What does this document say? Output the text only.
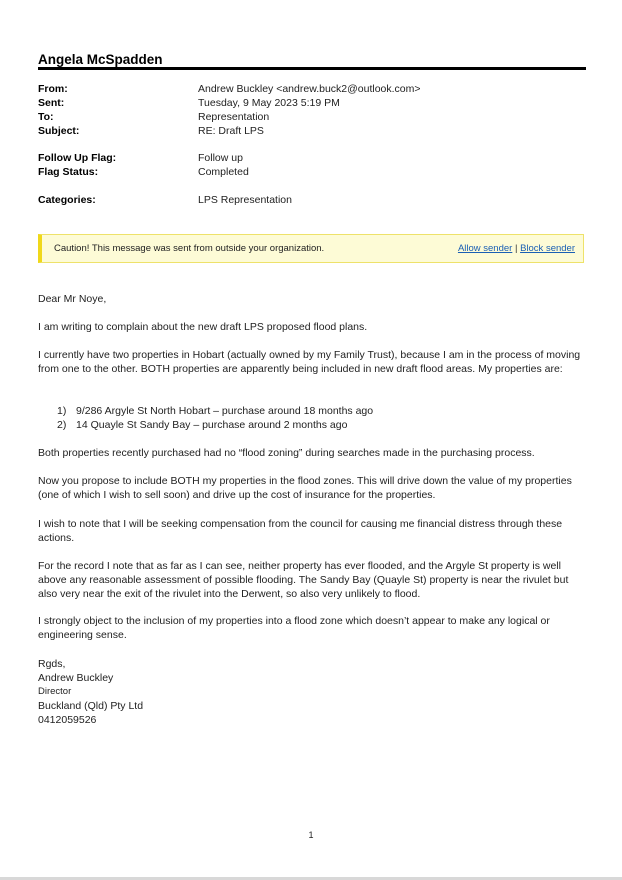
Angela McSpadden
From:	Andrew Buckley <andrew.buck2@outlook.com>
Sent:	Tuesday, 9 May 2023 5:19 PM
To:	Representation
Subject:	RE: Draft LPS
Follow Up Flag:	Follow up
Flag Status:	Completed
Categories:	LPS Representation
Caution! This message was sent from outside your organization.	Allow sender | Block sender
Dear Mr Noye,
I am writing to complain about the new draft LPS proposed flood plans.
I currently have two properties in Hobart (actually owned by my Family Trust), because I am in the process of moving from one to the other. BOTH properties are apparently being included in new draft flood areas. My properties are:
1) 9/286 Argyle St North Hobart – purchase around 18 months ago
2) 14 Quayle St Sandy Bay – purchase around 2 months ago
Both properties recently purchased had no “flood zoning” during searches made in the purchasing process.
Now you propose to include BOTH my properties in the flood zones. This will drive down the value of my properties (one of which I wish to sell soon) and drive up the cost of insurance for the properties.
I wish to note that I will be seeking compensation from the council for causing me financial distress through these actions.
For the record I note that as far as I can see, neither property has ever flooded, and the Argyle St property is well above any reasonable assessment of possible flooding. The Sandy Bay (Quayle St) property is near the rivulet but also very near the exit of the rivulet into the Derwent, so also very unlikely to flood.
I strongly object to the inclusion of my properties into a flood zone which doesn’t appear to make any logical or engineering sense.
Rgds,
Andrew Buckley
Director
Buckland (Qld) Pty Ltd
0412059526
1
